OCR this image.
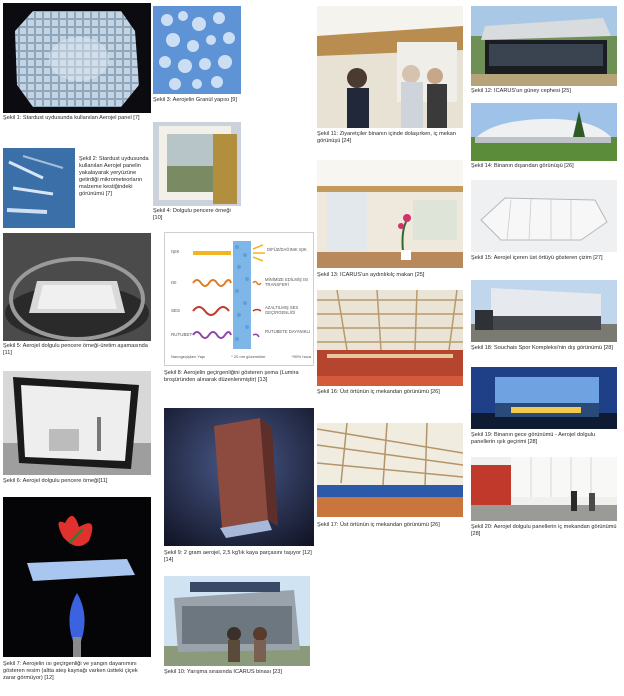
Şekil 1: Stardust uydusunda kullanılan Aerojel panel [7]
Şekil 2: Stardust uydusunda kullanılan Aerojel panelin yakalayarak yeryüzüne getirdiği mikrometeorların malzeme kestiğindeki görünümü [7]
Şekil 5: Aerojel dolgulu pencere örneği-üretim aşamasında [11]
Şekil 6: Aerojel dolgulu pencere örneği[11]
Şekil 7: Aerojelin ısı geçirgenliği ve yangın dayanımını gösteren resim (altta ateş kaynağı varken üstteki çiçek zarar görmüyor) [12]
Şekil 3: Aerojelin Granül yapısı [9]
Şekil 4: Dolgulu pencere örneği [10]
IŞIK	DİFÜZ/DAĞINIK IŞIK
ISI
MİNİMİZE EDİLMİŞ ISI TRANSFERİ
SES
AZALTILMIŞ SES GEÇİRGENLİĞİ
RUTUBET
RUTUBETE DAYANIKLI
Nanogeçişken Yapı	* 20 nm gözenekler	*95% hava
Şekil 8: Aerojelin geçirgenliğini gösteren şema (Lumira broşüründen alınarak düzenlenmiştir) [13]
Şekil 9: 2 gram aerojel, 2,5 kg'lık kaya parçasını taşıyor [12] [14]
Şekil 10: Yarışma sırasında ICARUS binası [23]
Şekil 11: Ziyaretçiler binanın içinde dolaşırken, iç mekan görünüşü [24]
Şekil 13: ICARUS'un aydınlıkılç makarı [25]
Şekil 16: Üst örtünün iç mekandan görünümü [26]
Şekil 17: Üst örtünün iç mekandan görünümü [26]
Şekil 12: ICARUS'un güney cephesi [25]
Şekil 14: Binanın dışarıdan görünüşü [26]
Şekil 15: Aerojel içeren üst örtüyü gösteren çizim [27]
Şekil 18: Souchais Spor Kompleksi'nin dış görünümü [28]
Şekil 19: Binanın gece görünümü - Aerojel dolgulu panellerin ışık geçirimi [28]
Şekil 20: Aerojel dolgulu panellerin iç mekandan görünümü [28]
